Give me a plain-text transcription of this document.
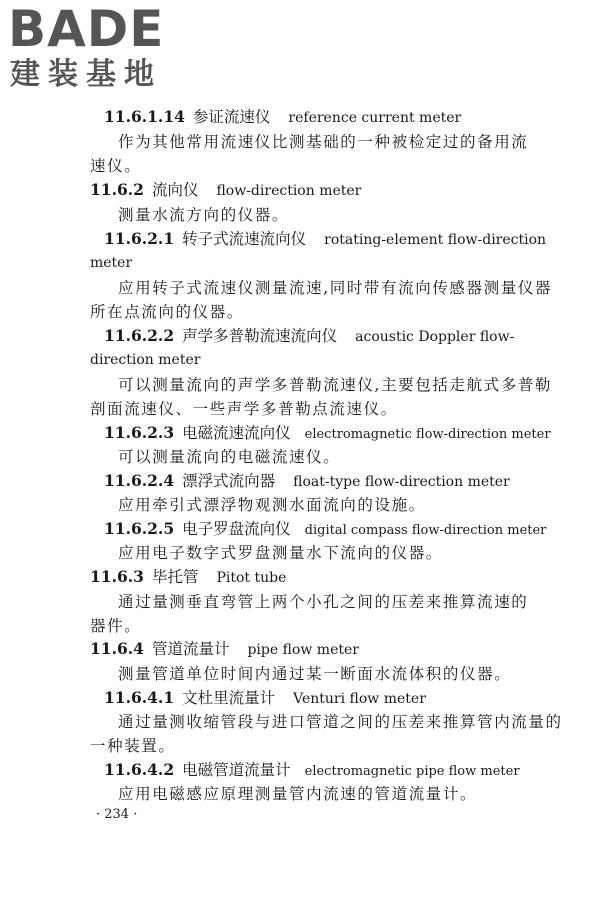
BADE
建装基地
11.6.1.14 参证流速仪 reference current meter
作为其他常用流速仪比测基础的一种被检定过的备用流
速仪。
11.6.2 流向仪 flow-direction meter
测量水流方向的仪器。
11.6.2.1 转子式流速流向仪 rotating-element flow-direction
meter
应用转子式流速仪测量流速,同时带有流向传感器测量仪器
所在点流向的仪器。
11.6.2.2 声学多普勒流速流向仪 acoustic Doppler flow-
direction meter
可以测量流向的声学多普勒流速仪,主要包括走航式多普勒
剖面流速仪、一些声学多普勒点流速仪。
11.6.2.3 电磁流速流向仪 electromagnetic flow-direction meter
可以测量流向的电磁流速仪。
11.6.2.4 漂浮式流向器 float-type flow-direction meter
应用牵引式漂浮物观测水面流向的设施。
11.6.2.5 电子罗盘流向仪 digital compass flow-direction meter
应用电子数字式罗盘测量水下流向的仪器。
11.6.3 毕托管 Pitot tube
通过量测垂直弯管上两个小孔之间的压差来推算流速的
器件。
11.6.4 管道流量计 pipe flow meter
测量管道单位时间内通过某一断面水流体积的仪器。
11.6.4.1 文杜里流量计 Venturi flow meter
通过量测收缩管段与进口管道之间的压差来推算管内流量的
一种装置。
11.6.4.2 电磁管道流量计 electromagnetic pipe flow meter
应用电磁感应原理测量管内流速的管道流量计。
· 234 ·
